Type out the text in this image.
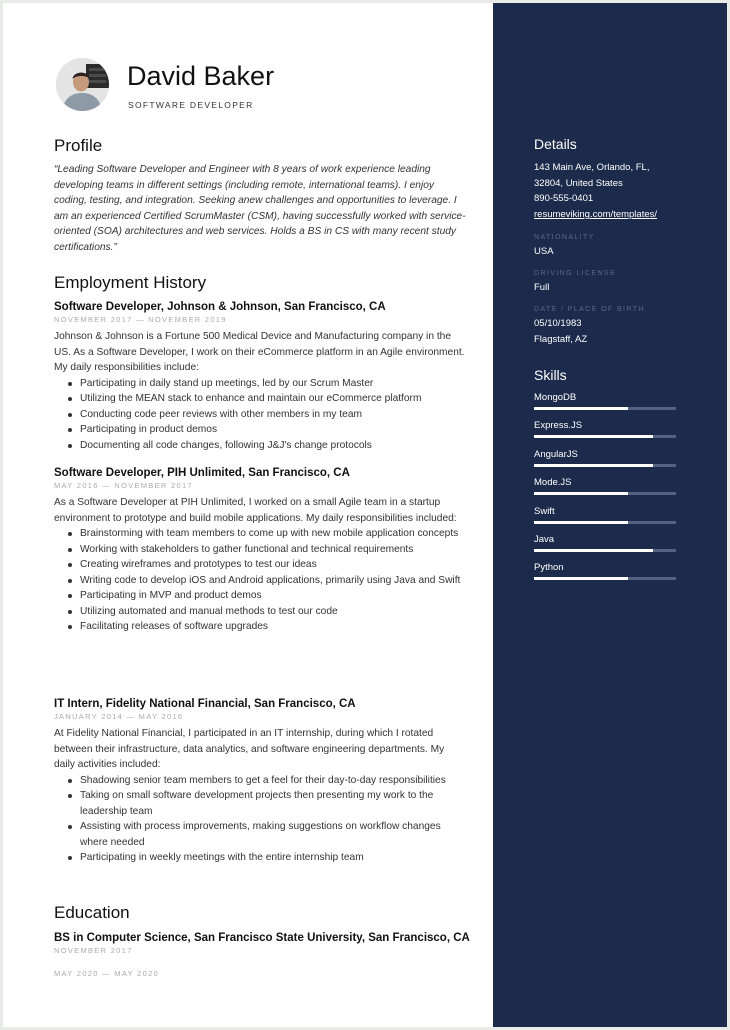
David Baker
SOFTWARE DEVELOPER
Profile
“Leading Software Developer and Engineer with 8 years of work experience leading developing teams in different settings (including remote, international teams). I enjoy coding, testing, and integration. Seeking anew challenges and opportunities to leverage. I am an experienced Certified ScrumMaster (CSM), having successfully worked with service-oriented (SOA) architectures and web services. Holds a BS in CS with many recent study certifications.”
Employment History
Software Developer, Johnson & Johnson, San Francisco, CA
NOVEMBER 2017 — NOVEMBER 2019
Johnson & Johnson is a Fortune 500 Medical Device and Manufacturing company in the US. As a Software Developer, I work on their eCommerce platform in an Agile environment. My daily responsibilities include:
Participating in daily stand up meetings, led by our Scrum Master
Utilizing the MEAN stack to enhance and maintain our eCommerce platform
Conducting code peer reviews with other members in my team
Participating in product demos
Documenting all code changes, following J&J's change protocols
Software Developer, PIH Unlimited, San Francisco, CA
MAY 2016 — NOVEMBER 2017
As a Software Developer at PIH Unlimited, I worked on a small Agile team in a startup environment to prototype and build mobile applications. My daily responsibilities included:
Brainstorming with team members to come up with new mobile application concepts
Working with stakeholders to gather functional and technical requirements
Creating wireframes and prototypes to test our ideas
Writing code to develop iOS and Android applications, primarily using Java and Swift
Participating in MVP and product demos
Utilizing automated and manual methods to test our code
Facilitating releases of software upgrades
IT Intern, Fidelity National Financial, San Francisco, CA
JANUARY 2014 — MAY 2016
At Fidelity National Financial, I participated in an IT internship, during which I rotated between their infrastructure, data analytics, and software engineering departments. My daily activities included:
Shadowing senior team members to get a feel for their day-to-day responsibilities
Taking on small software development projects then presenting my work to the leadership team
Assisting with process improvements, making suggestions on workflow changes where needed
Participating in weekly meetings with the entire internship team
Education
BS in Computer Science, San Francisco State University, San Francisco, CA
NOVEMBER 2017
MAY 2020 — MAY 2020
Details
143 Main Ave, Orlando, FL,
32804, United States
890-555-0401
resumeviking.com/templates/
NATIONALITY
USA
DRIVING LICENSE
Full
DATE / PLACE OF BIRTH
05/10/1983
Flagstaff, AZ
Skills
MongoDB
Express.JS
AngularJS
Mode.JS
Swift
Java
Python
